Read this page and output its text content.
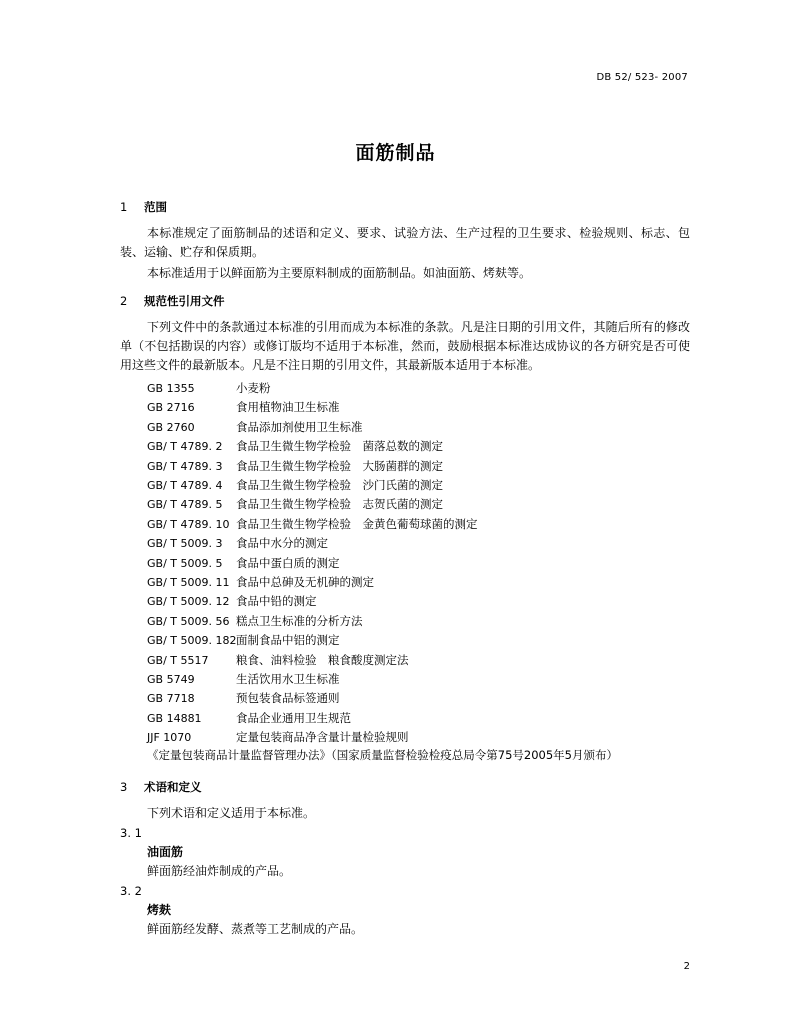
DB 52/ 523- 2007
面筋制品
1 范围
本标准规定了面筋制品的述语和定义、要求、试验方法、生产过程的卫生要求、检验规则、标志、包装、运输、贮存和保质期。
本标准适用于以鲜面筋为主要原料制成的面筋制品。如油面筋、烤麸等。
2 规范性引用文件
下列文件中的条款通过本标准的引用而成为本标准的条款。凡是注日期的引用文件，其随后所有的修改单（不包括勘误的内容）或修订版均不适用于本标准，然而，鼓励根据本标准达成协议的各方研究是否可使用这些文件的最新版本。凡是不注日期的引用文件，其最新版本适用于本标准。
GB 1355	小麦粉
GB 2716	食用植物油卫生标准
GB 2760	食品添加剂使用卫生标准
GB/ T 4789. 2 食品卫生微生物学检验　菌落总数的测定
GB/ T 4789. 3 食品卫生微生物学检验　大肠菌群的测定
GB/ T 4789. 4 食品卫生微生物学检验　沙门氏菌的测定
GB/ T 4789. 5 食品卫生微生物学检验　志贺氏菌的测定
GB/ T 4789. 10 食品卫生微生物学检验　金黄色葡萄球菌的测定
GB/ T 5009. 3 食品中水分的测定
GB/ T 5009. 5 食品中蛋白质的测定
GB/ T 5009. 11 食品中总砷及无机砷的测定
GB/ T 5009. 12 食品中铅的测定
GB/ T 5009. 56 糕点卫生标准的分析方法
GB/ T 5009. 182面制食品中铝的测定
GB/ T 5517 粮食、油料检验　粮食酸度测定法
GB 5749	生活饮用水卫生标准
GB 7718	预包装食品标签通则
GB 14881	食品企业通用卫生规范
JJF 1070	定量包装商品净含量计量检验规则
《定量包装商品计量监督管理办法》（国家质量监督检验检疫总局令第75号2005年5月颁布）
3 术语和定义
下列术语和定义适用于本标准。
3. 1
油面筋
鲜面筋经油炸制成的产品。
3. 2
烤麸
鲜面筋经发酵、蒸煮等工艺制成的产品。
2
